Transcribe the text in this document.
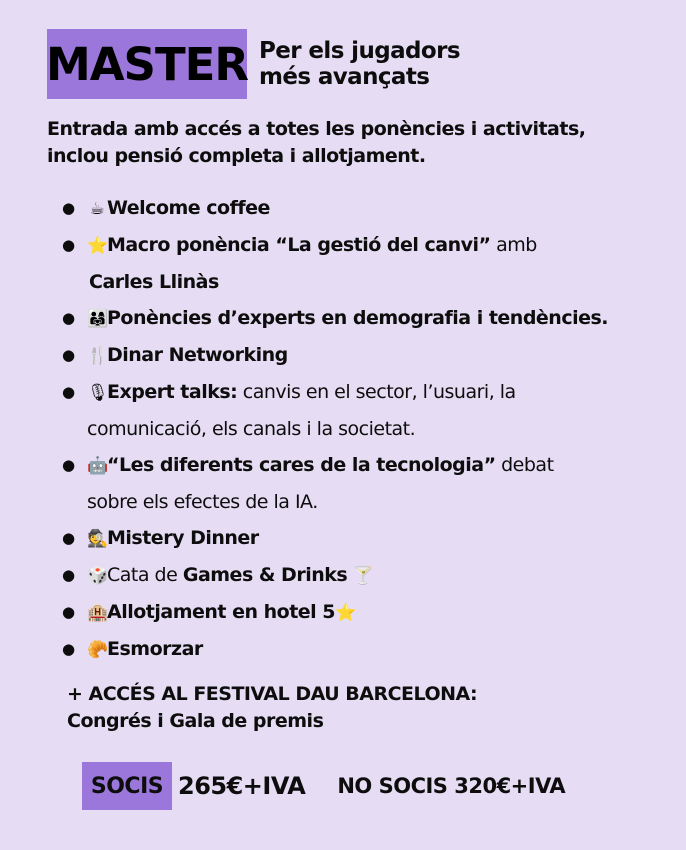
MASTER Per els jugadors
més avançats
Entrada amb accés a totes les ponències i activitats,
inclou pensió completa i allotjament.
● ☕ Welcome coffee
● ⭐Macro ponència “La gestió del canvi” amb
Carles Llinàs
● 👨‍👩‍👧Ponències d’experts en demografia i tendències.
● 🍴Dinar Networking
● 🎙Expert talks: canvis en el sector, l’usuari, la
comunicació, els canals i la societat.
● 🤖“Les diferents cares de la tecnologia” debat
sobre els efectes de la IA.
● 🕵Mistery Dinner
● 🎲Cata de Games & Drinks 🍸
● 🏨Allotjament en hotel 5⭐
● 🥐Esmorzar
+ ACCÉS AL FESTIVAL DAU BARCELONA:
Congrés i Gala de premis
SOCIS 265€+IVA NO SOCIS 320€+IVA
